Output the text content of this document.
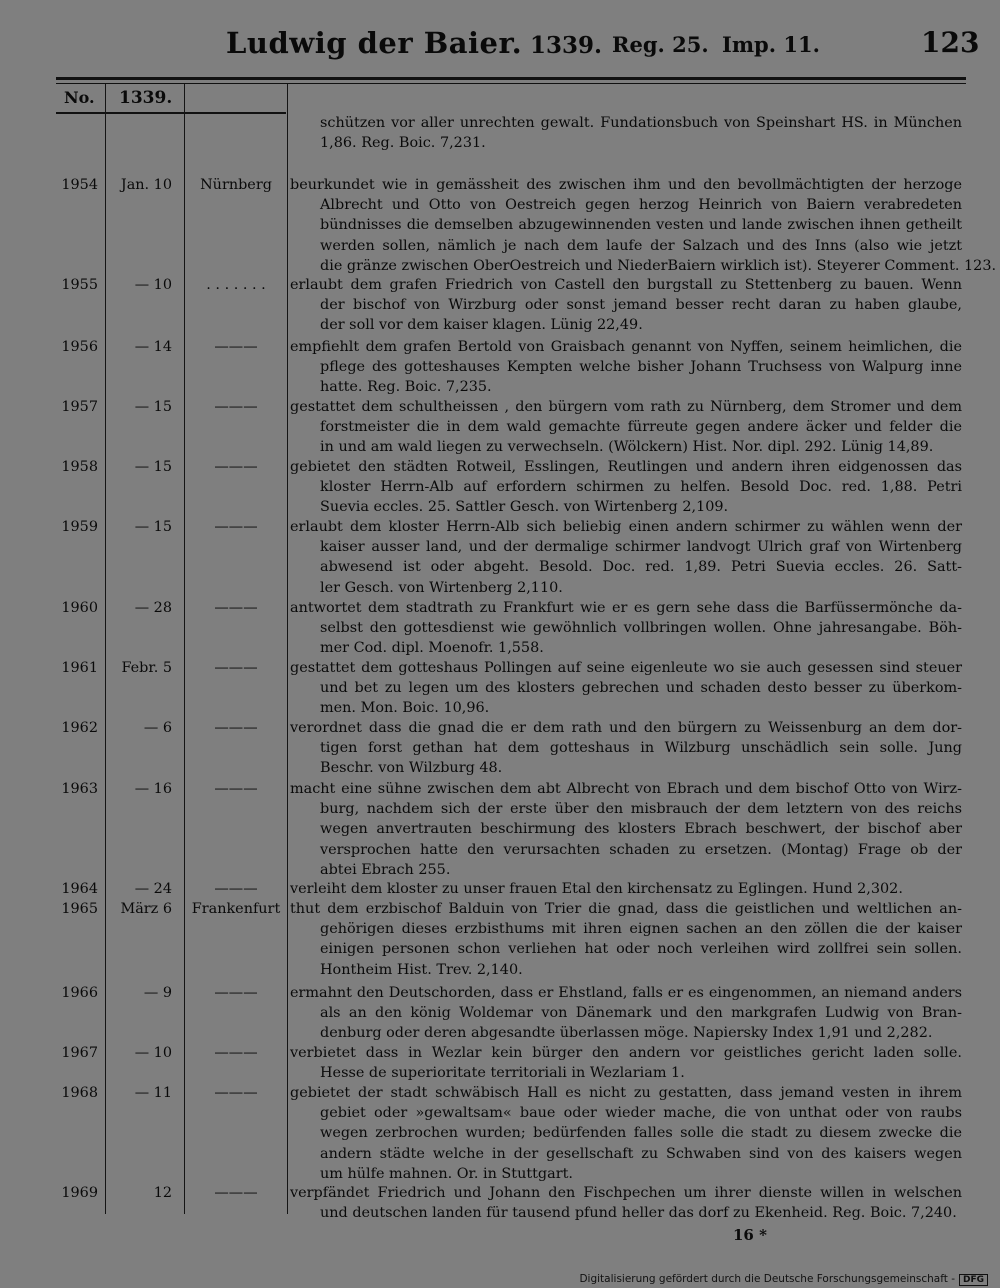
Ludwig der Baier. 1339. Reg. 25. Imp. 11.	123
No. 1339.
schützen vor aller unrechten gewalt. Fundationsbuch von Speinshart HS. in München
1,86. Reg. Boic. 7,231.
1954	Jan. 10	Nürnberg	beurkundet wie in gemässheit des zwischen ihm und den bevollmächtigten der herzoge
Albrecht und Otto von Oestreich gegen herzog Heinrich von Baiern verabredeten
bündnisses die demselben abzugewinnenden vesten und lande zwischen ihnen getheilt
werden sollen, nämlich je nach dem laufe der Salzach und des Inns (also wie jetzt
die gränze zwischen OberOestreich und NiederBaiern wirklich ist). Steyerer Comment. 123.
1955	— 10	. . . . . . .	erlaubt dem grafen Friedrich von Castell den burgstall zu Stettenberg zu bauen. Wenn
der bischof von Wirzburg oder sonst jemand besser recht daran zu haben glaube,
der soll vor dem kaiser klagen. Lünig 22,49.
1956	— 14	———	empfiehlt dem grafen Bertold von Graisbach genannt von Nyffen, seinem heimlichen, die
pflege des gotteshauses Kempten welche bisher Johann Truchsess von Walpurg inne
hatte. Reg. Boic. 7,235.
1957	— 15	———	gestattet dem schultheissen , den bürgern vom rath zu Nürnberg, dem Stromer und dem
forstmeister die in dem wald gemachte fürreute gegen andere äcker und felder die
in und am wald liegen zu verwechseln. (Wölckern) Hist. Nor. dipl. 292. Lünig 14,89.
1958	— 15	———	gebietet den städten Rotweil, Esslingen, Reutlingen und andern ihren eidgenossen das
kloster Herrn-Alb auf erfordern schirmen zu helfen. Besold Doc. red. 1,88. Petri
Suevia eccles. 25. Sattler Gesch. von Wirtenberg 2,109.
1959	— 15	———	erlaubt dem kloster Herrn-Alb sich beliebig einen andern schirmer zu wählen wenn der
kaiser ausser land, und der dermalige schirmer landvogt Ulrich graf von Wirtenberg
abwesend ist oder abgeht. Besold. Doc. red. 1,89. Petri Suevia eccles. 26. Satt-
ler Gesch. von Wirtenberg 2,110.
1960	— 28	———	antwortet dem stadtrath zu Frankfurt wie er es gern sehe dass die Barfüssermönche da-
selbst den gottesdienst wie gewöhnlich vollbringen wollen. Ohne jahresangabe. Böh-
mer Cod. dipl. Moenofr. 1,558.
1961	Febr. 5	———	gestattet dem gotteshaus Pollingen auf seine eigenleute wo sie auch gesessen sind steuer
und bet zu legen um des klosters gebrechen und schaden desto besser zu überkom-
men. Mon. Boic. 10,96.
1962	— 6	———	verordnet dass die gnad die er dem rath und den bürgern zu Weissenburg an dem dor-
tigen forst gethan hat dem gotteshaus in Wilzburg unschädlich sein solle. Jung
Beschr. von Wilzburg 48.
1963	— 16	———	macht eine sühne zwischen dem abt Albrecht von Ebrach und dem bischof Otto von Wirz-
burg, nachdem sich der erste über den misbrauch der dem letztern von des reichs
wegen anvertrauten beschirmung des klosters Ebrach beschwert, der bischof aber
versprochen hatte den verursachten schaden zu ersetzen. (Montag) Frage ob der
abtei Ebrach 255.
1964	— 24	———	verleiht dem kloster zu unser frauen Etal den kirchensatz zu Eglingen. Hund 2,302.
1965	März 6	Frankenfurt thut dem erzbischof Balduin von Trier die gnad, dass die geistlichen und weltlichen an-
gehörigen dieses erzbisthums mit ihren eignen sachen an den zöllen die der kaiser
einigen personen schon verliehen hat oder noch verleihen wird zollfrei sein sollen.
Hontheim Hist. Trev. 2,140.
1966	— 9	———	ermahnt den Deutschorden, dass er Ehstland, falls er es eingenommen, an niemand anders
als an den könig Woldemar von Dänemark und den markgrafen Ludwig von Bran-
denburg oder deren abgesandte überlassen möge. Napiersky Index 1,91 und 2,282.
1967	— 10	———	verbietet dass in Wezlar kein bürger den andern vor geistliches gericht laden solle.
Hesse de superioritate territoriali in Wezlariam 1.
1968	— 11	———	gebietet der stadt schwäbisch Hall es nicht zu gestatten, dass jemand vesten in ihrem
gebiet oder »gewaltsam« baue oder wieder mache, die von unthat oder von raubs
wegen zerbrochen wurden; bedürfenden falles solle die stadt zu diesem zwecke die
andern städte welche in der gesellschaft zu Schwaben sind von des kaisers wegen
um hülfe mahnen. Or. in Stuttgart.
1969	12	———	verpfändet Friedrich und Johann den Fischpechen um ihrer dienste willen in welschen
und deutschen landen für tausend pfund heller das dorf zu Ekenheid. Reg. Boic. 7,240.
16 *
Digitalisierung gefördert durch die Deutsche Forschungsgemeinschaft - DFG
